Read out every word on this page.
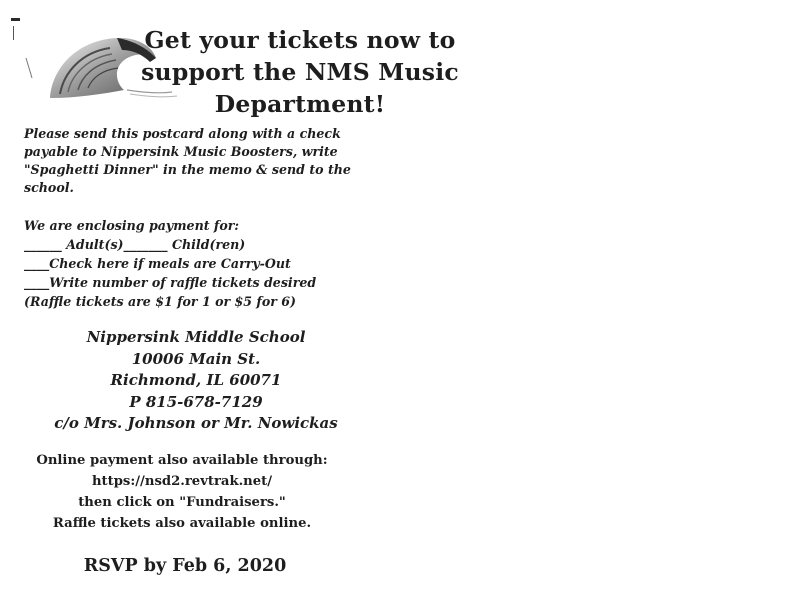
Get your tickets now to
support the NMS Music
Department!
Please send this postcard along with a check
payable to Nippersink Music Boosters, write
"Spaghetti Dinner" in the memo & send to the
school.
We are enclosing payment for:
______ Adult(s)_______ Child(ren)
____Check here if meals are Carry-Out
____Write number of raffle tickets desired
(Raffle tickets are $1 for 1 or $5 for 6)
Nippersink Middle School
10006 Main St.
Richmond, IL 60071
P 815-678-7129
c/o Mrs. Johnson or Mr. Nowickas
Online payment also available through:
https://nsd2.revtrak.net/
then click on "Fundraisers."
Raffle tickets also available online.
RSVP by Feb 6, 2020
